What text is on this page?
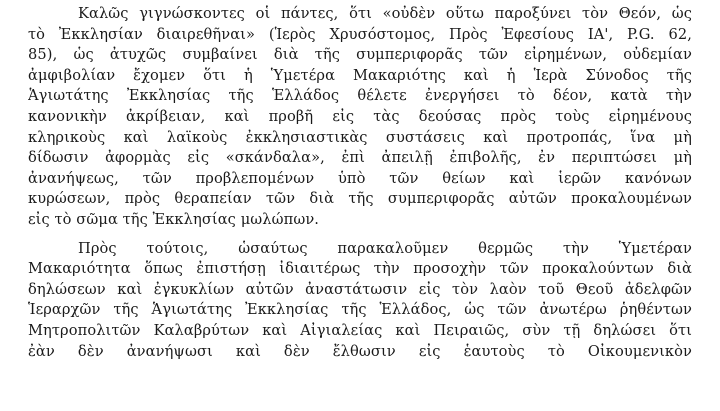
Καλῶς γιγνώσκοντες οἱ πάντες, ὅτι «οὐδὲν οὕτω παροξύνει τὸν Θεόν, ὡς
τὸ Ἐκκλησίαν διαιρεθῆναι» (Ἱερὸς Χρυσόστομος, Πρὸς Ἐφεσίους ΙΑ', P.G. 62,
85), ὡς ἀτυχῶς συμβαίνει διὰ τῆς συμπεριφορᾶς τῶν εἰρημένων, οὐδεμίαν
ἀμφιβολίαν ἔχομεν ὅτι ἡ Ὑμετέρα Μακαριότης καὶ ἡ Ἱερὰ Σύνοδος τῆς
Ἁγιωτάτης Ἐκκλησίας τῆς Ἑλλάδος θέλετε ἐνεργήσει τὸ δέον, κατὰ τὴν
κανονικὴν ἀκρίβειαν, καὶ προβῆ εἰς τὰς δεούσας πρὸς τοὺς εἰρημένους
κληρικοὺς καὶ λαϊκοὺς ἐκκλησιαστικὰς συστάσεις καὶ προτροπάς, ἵνα μὴ
δίδωσιν ἀφορμὰς εἰς «σκάνδαλα», ἐπὶ ἀπειλῇ ἐπιβολῆς, ἐν περιπτώσει μὴ
ἀνανήψεως, τῶν προβλεπομένων ὑπὸ τῶν θείων καὶ ἱερῶν κανόνων
κυρώσεων, πρὸς θεραπείαν τῶν διὰ τῆς συμπεριφορᾶς αὐτῶν προκαλουμένων
εἰς τὸ σῶμα τῆς Ἐκκλησίας μωλώπων.
Πρὸς τούτοις, ὡσαύτως παρακαλοῦμεν θερμῶς τὴν Ὑμετέραν
Μακαριότητα ὅπως ἐπιστήσῃ ἰδιαιτέρως τὴν προσοχὴν τῶν προκαλούντων διὰ
δηλώσεων καὶ ἐγκυκλίων αὐτῶν ἀναστάτωσιν εἰς τὸν λαὸν τοῦ Θεοῦ ἀδελφῶν
Ἱεραρχῶν τῆς Ἁγιωτάτης Ἐκκλησίας τῆς Ἑλλάδος, ὡς τῶν ἀνωτέρω ῥηθέντων
Μητροπολιτῶν Καλαβρύτων καὶ Αἰγιαλείας καὶ Πειραιῶς, σὺν τῇ δηλώσει ὅτι
ἐὰν δὲν ἀνανήψωσι καὶ δὲν ἔλθωσιν εἰς ἑαυτοὺς τὸ Οἰκουμενικὸν
